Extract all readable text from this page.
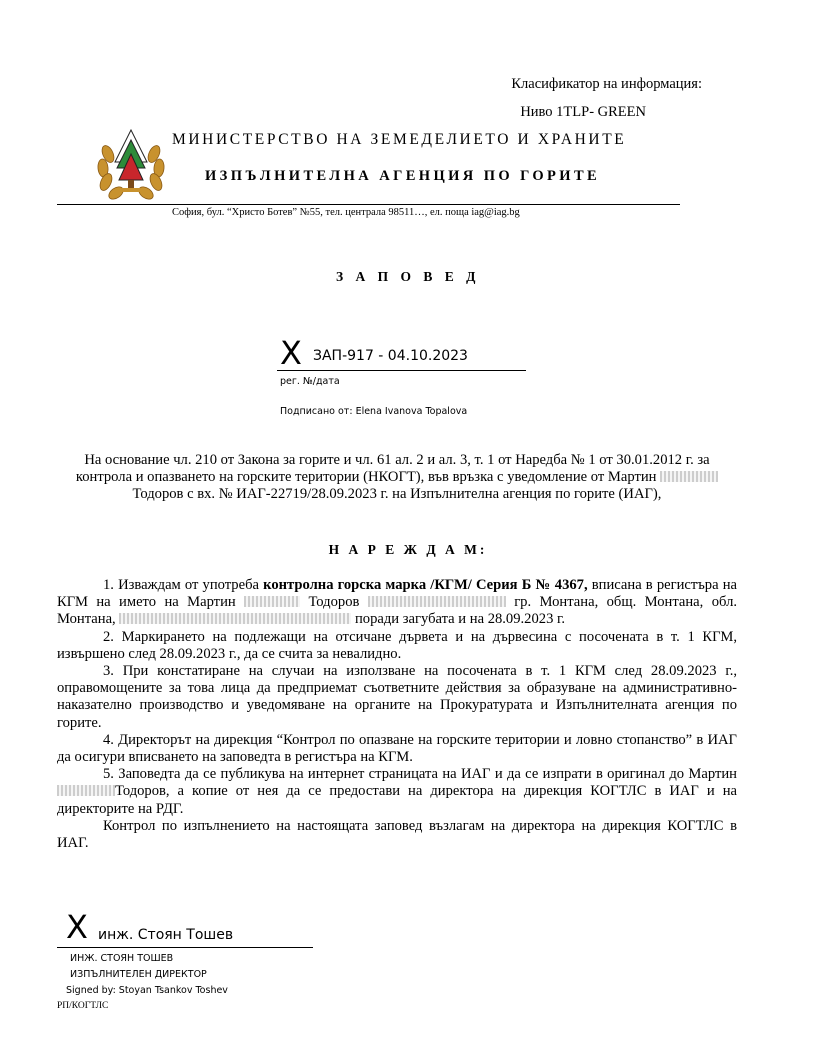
Класификатор на информация:
Ниво 1TLP- GREEN
МИНИСТЕРСТВО НА ЗЕМЕДЕЛИЕТО И ХРАНИТЕ
ИЗПЪЛНИТЕЛНА АГЕНЦИЯ ПО ГОРИТЕ
София, бул. “Христо Ботев” №55, тел. централа 98511…, ел. поща iag@iag.bg
З А П О В Е Д
X ЗАП-917 - 04.10.2023
рег. №/дата
Подписано от: Elena Ivanova Topalova

На основание чл. 210 от Закона за горите и чл. 61 ал. 2 и ал. 3, т. 1 от Наредба № 1 от 30.01.2012 г. за контрола и опазването на горските територии (НКОГТ), във връзка с уведомление от Мартин Тодоров с вх. № ИАГ-22719/28.09.2023 г. на Изпълнителна агенция по горите (ИАГ),

Н А Р Е Ж Д А М:

1. Изваждам от употреба контролна горска марка /КГМ/ Серия Б № 4367, вписана в регистъра на КГМ на името на Мартин	Тодоров	гр. Монтана, общ. Монтана, обл. Монтана,	поради загубата и на 28.09.2023 г.

2. Маркирането на подлежащи на отсичане дървета и на дървесина с посочената в т. 1 КГМ, извършено след 28.09.2023 г., да се счита за невалидно.

3. При констатиране на случаи на използване на посочената в т. 1 КГМ след 28.09.2023 г., оправомощените за това лица да предприемат съответните действия за образуване на административно-наказателно производство и уведомяване на органите на Прокуратурата и Изпълнителната агенция по горите.

4. Директорът на дирекция “Контрол по опазване на горските територии и ловно стопанство” в ИАГ да осигури вписването на заповедта в регистъра на КГМ.

5. Заповедта да се публикува на интернет страницата на ИАГ и да се изпрати в оригинал до Мартин Тодоров, а копие от нея да се предостави на директора на дирекция КОГТЛС в ИАГ и на директорите на РДГ.

Контрол по изпълнението на настоящата заповед възлагам на директора на дирекция КОГТЛС в ИАГ.

X инж. Стоян Тошев
ИНЖ. СТОЯН ТОШЕВ
ИЗПЪЛНИТЕЛЕН ДИРЕКТОР
Signed by: Stoyan Tsankov Toshev
РП/КОГТЛС
